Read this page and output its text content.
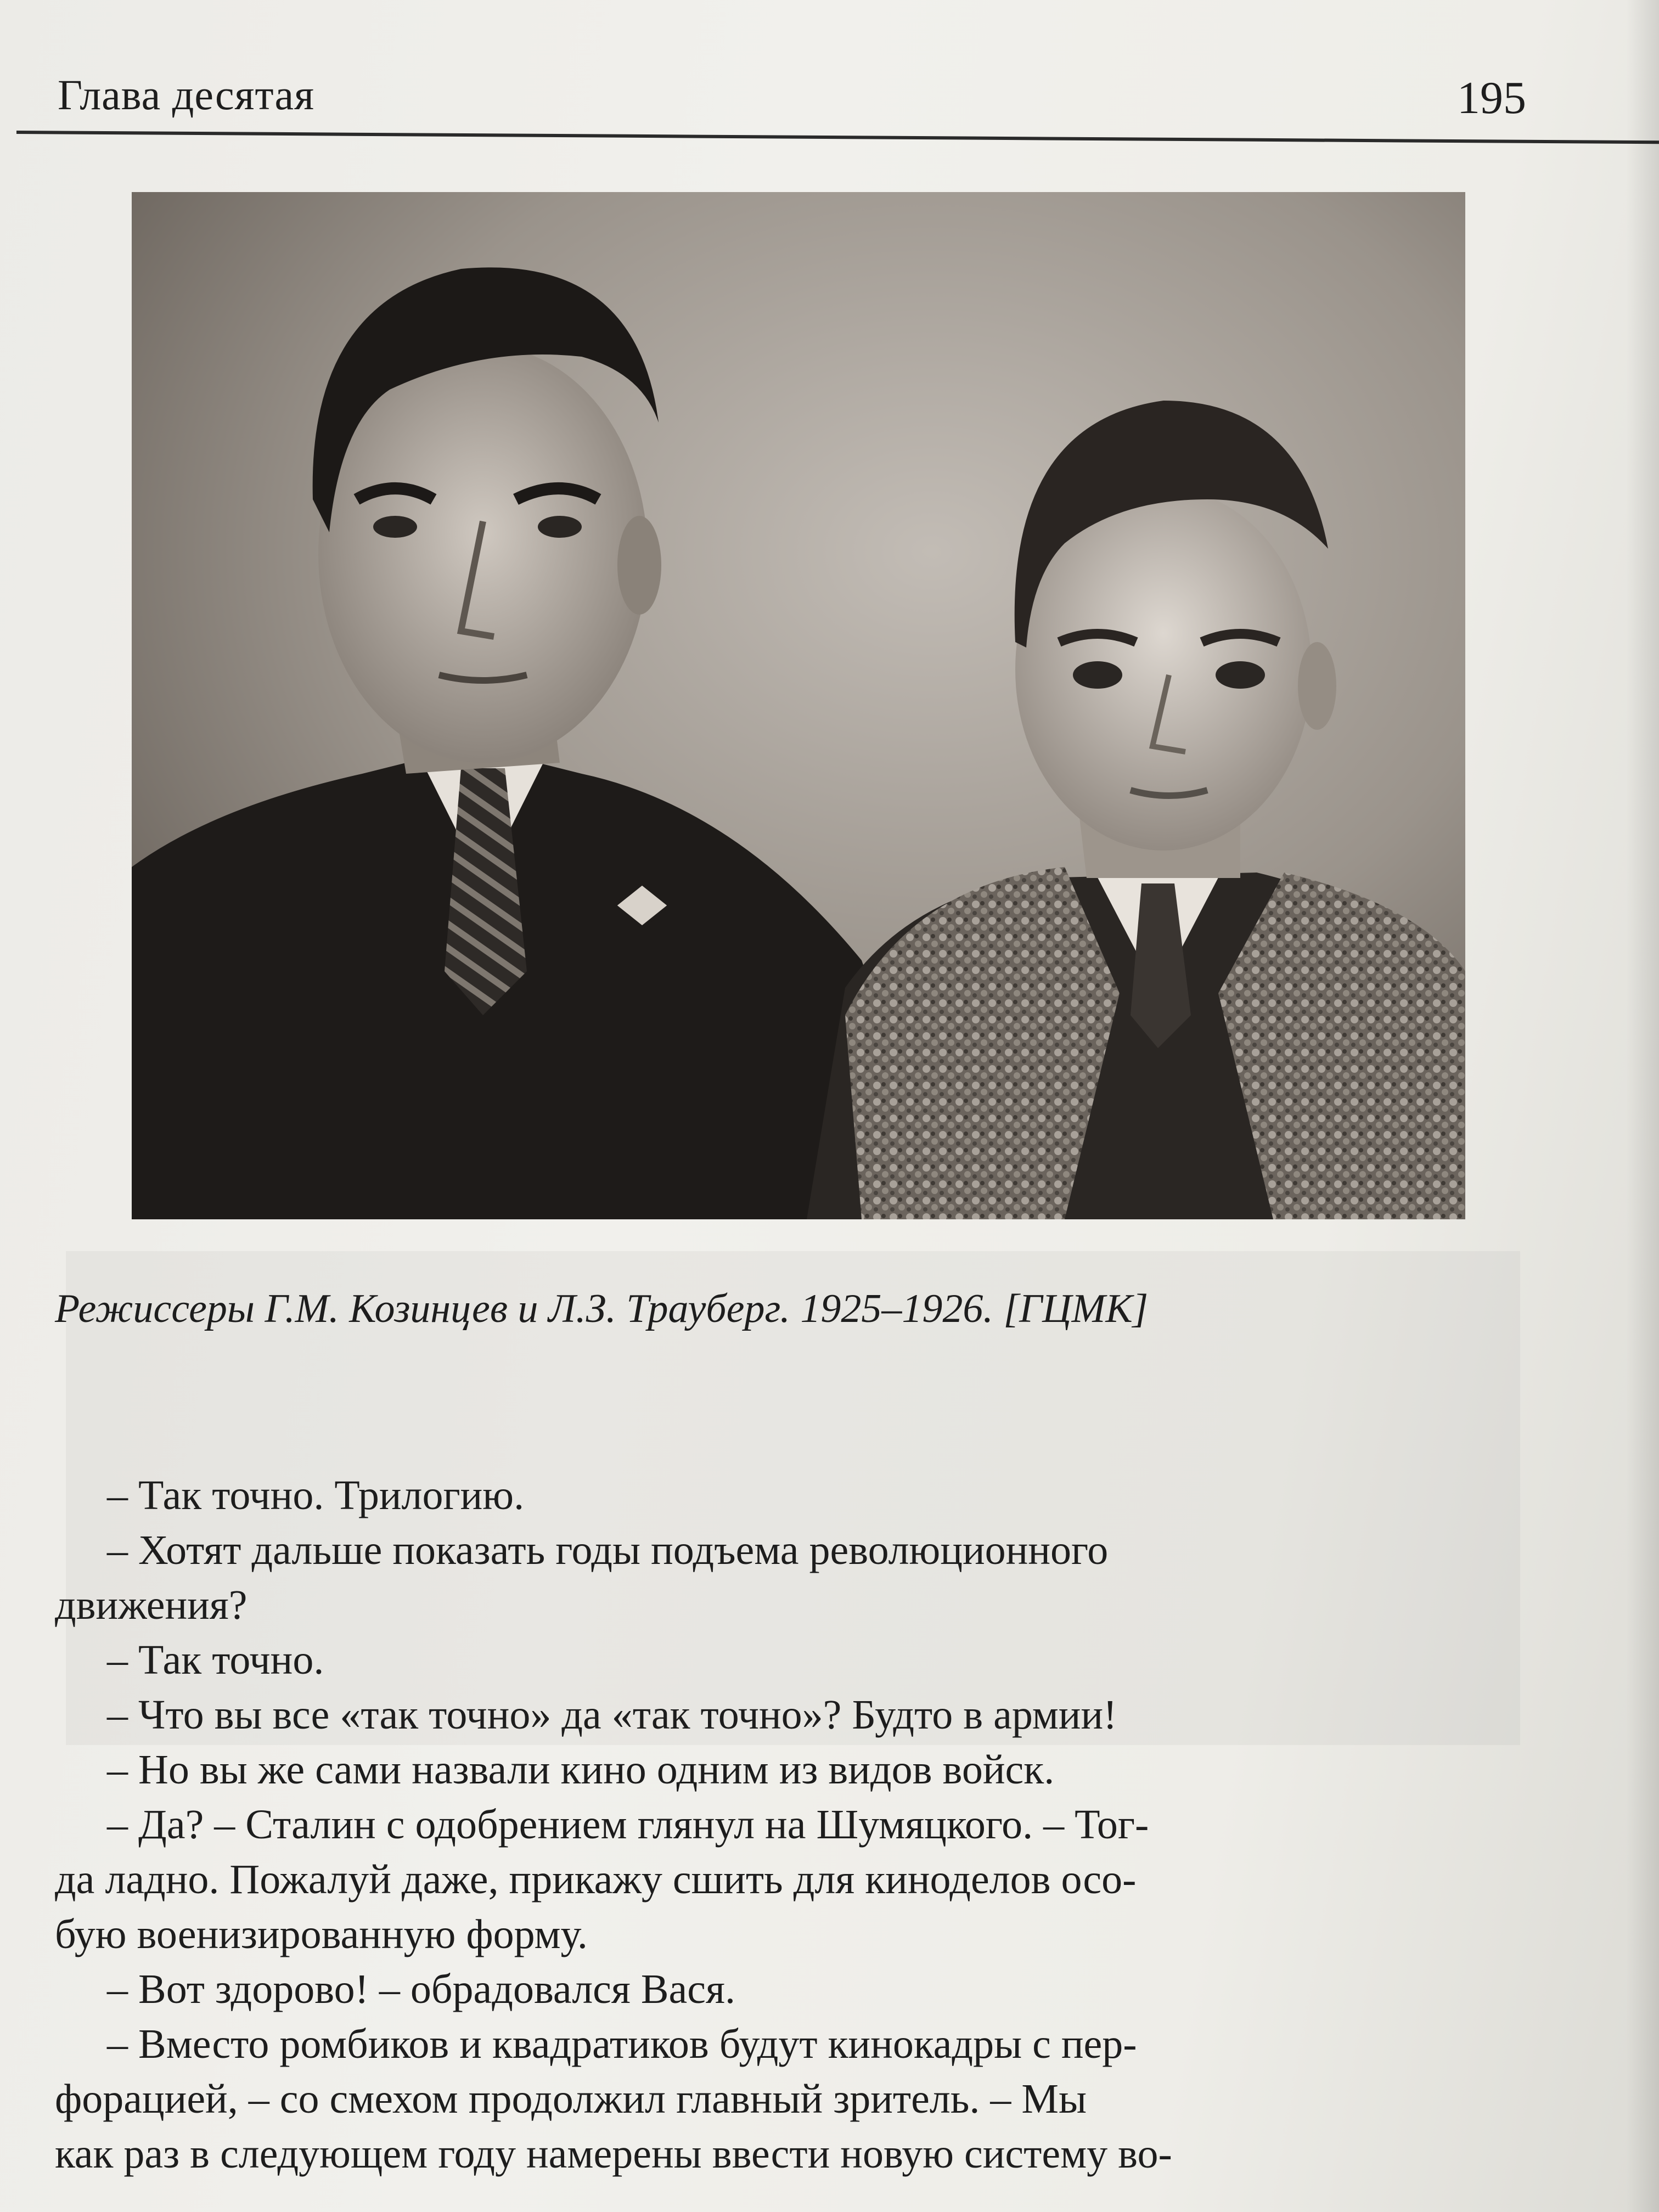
Глава десятая	195
Режиссеры Г.М. Козинцев и Л.З. Трауберг. 1925–1926. [ГЦМК]
– Так точно. Трилогию.
– Хотят дальше показать годы подъема революционного
движения?
– Так точно.
– Что вы все «так точно» да «так точно»? Будто в армии!
– Но вы же сами назвали кино одним из видов войск.
– Да? – Сталин с одобрением глянул на Шумяцкого. – Тог-
да ладно. Пожалуй даже, прикажу сшить для киноделов осо-
бую военизированную форму.
– Вот здорово! – обрадовался Вася.
– Вместо ромбиков и квадратиков будут кинокадры с пер-
форацией, – со смехом продолжил главный зритель. – Мы
как раз в следующем году намерены ввести новую систему во-
